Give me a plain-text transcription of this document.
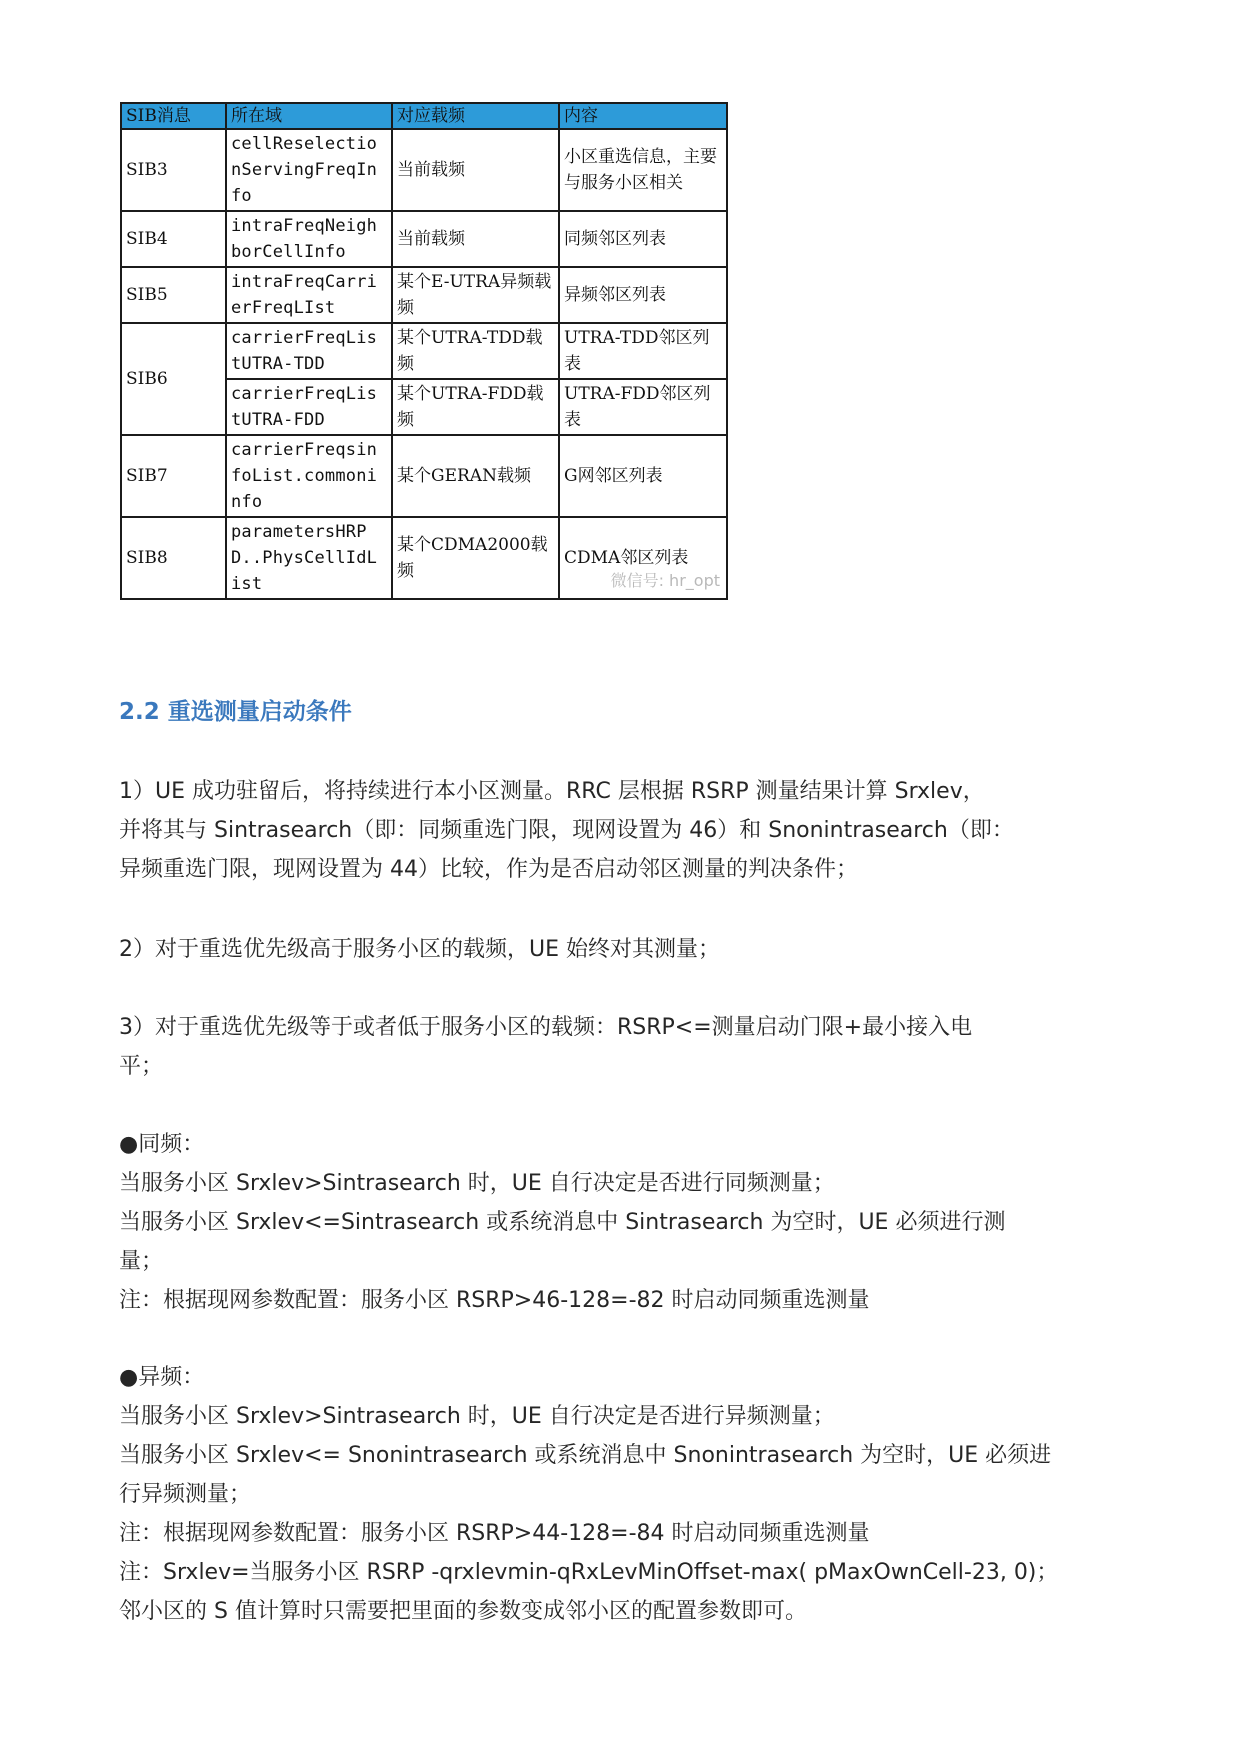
SIB消息	所在域	对应载频	内容
SIB3	cellReselectionServingFreqInfo	当前载频	小区重选信息，主要与服务小区相关
SIB4	intraFreqNeighborCellInfo	当前载频	同频邻区列表
SIB5	intraFreqCarrierFreqLIst	某个E-UTRA异频载频	异频邻区列表
SIB6	carrierFreqListUTRA-TDD	某个UTRA-TDD载频	UTRA-TDD邻区列表
	carrierFreqListUTRA-FDD	某个UTRA-FDD载频	UTRA-FDD邻区列表
SIB7	carrierFreqsinfoList.commoninfo	某个GERAN载频	G网邻区列表
SIB8	parametersHRPD..PhysCellIdList	某个CDMA2000载频	CDMA邻区列表
微信号: hr_opt
2.2 重选测量启动条件

1）UE 成功驻留后，将持续进行本小区测量。RRC 层根据 RSRP 测量结果计算 Srxlev，
并将其与 Sintrasearch（即：同频重选门限，现网设置为 46）和 Snonintrasearch（即：
异频重选门限，现网设置为 44）比较，作为是否启动邻区测量的判决条件；

2）对于重选优先级高于服务小区的载频，UE 始终对其测量；

3）对于重选优先级等于或者低于服务小区的载频：RSRP<=测量启动门限+最小接入电
平；

●同频：
当服务小区 Srxlev>Sintrasearch 时，UE 自行决定是否进行同频测量；
当服务小区 Srxlev<=Sintrasearch 或系统消息中 Sintrasearch 为空时，UE 必须进行测
量；
注：根据现网参数配置：服务小区 RSRP>46-128=-82 时启动同频重选测量

●异频：
当服务小区 Srxlev>Sintrasearch 时，UE 自行决定是否进行异频测量；
当服务小区 Srxlev<= Snonintrasearch 或系统消息中 Snonintrasearch 为空时，UE 必须进
行异频测量；
注：根据现网参数配置：服务小区 RSRP>44-128=-84 时启动同频重选测量
注：Srxlev=当服务小区 RSRP -qrxlevmin-qRxLevMinOffset-max( pMaxOwnCell-23, 0)；
邻小区的 S 值计算时只需要把里面的参数变成邻小区的配置参数即可。
